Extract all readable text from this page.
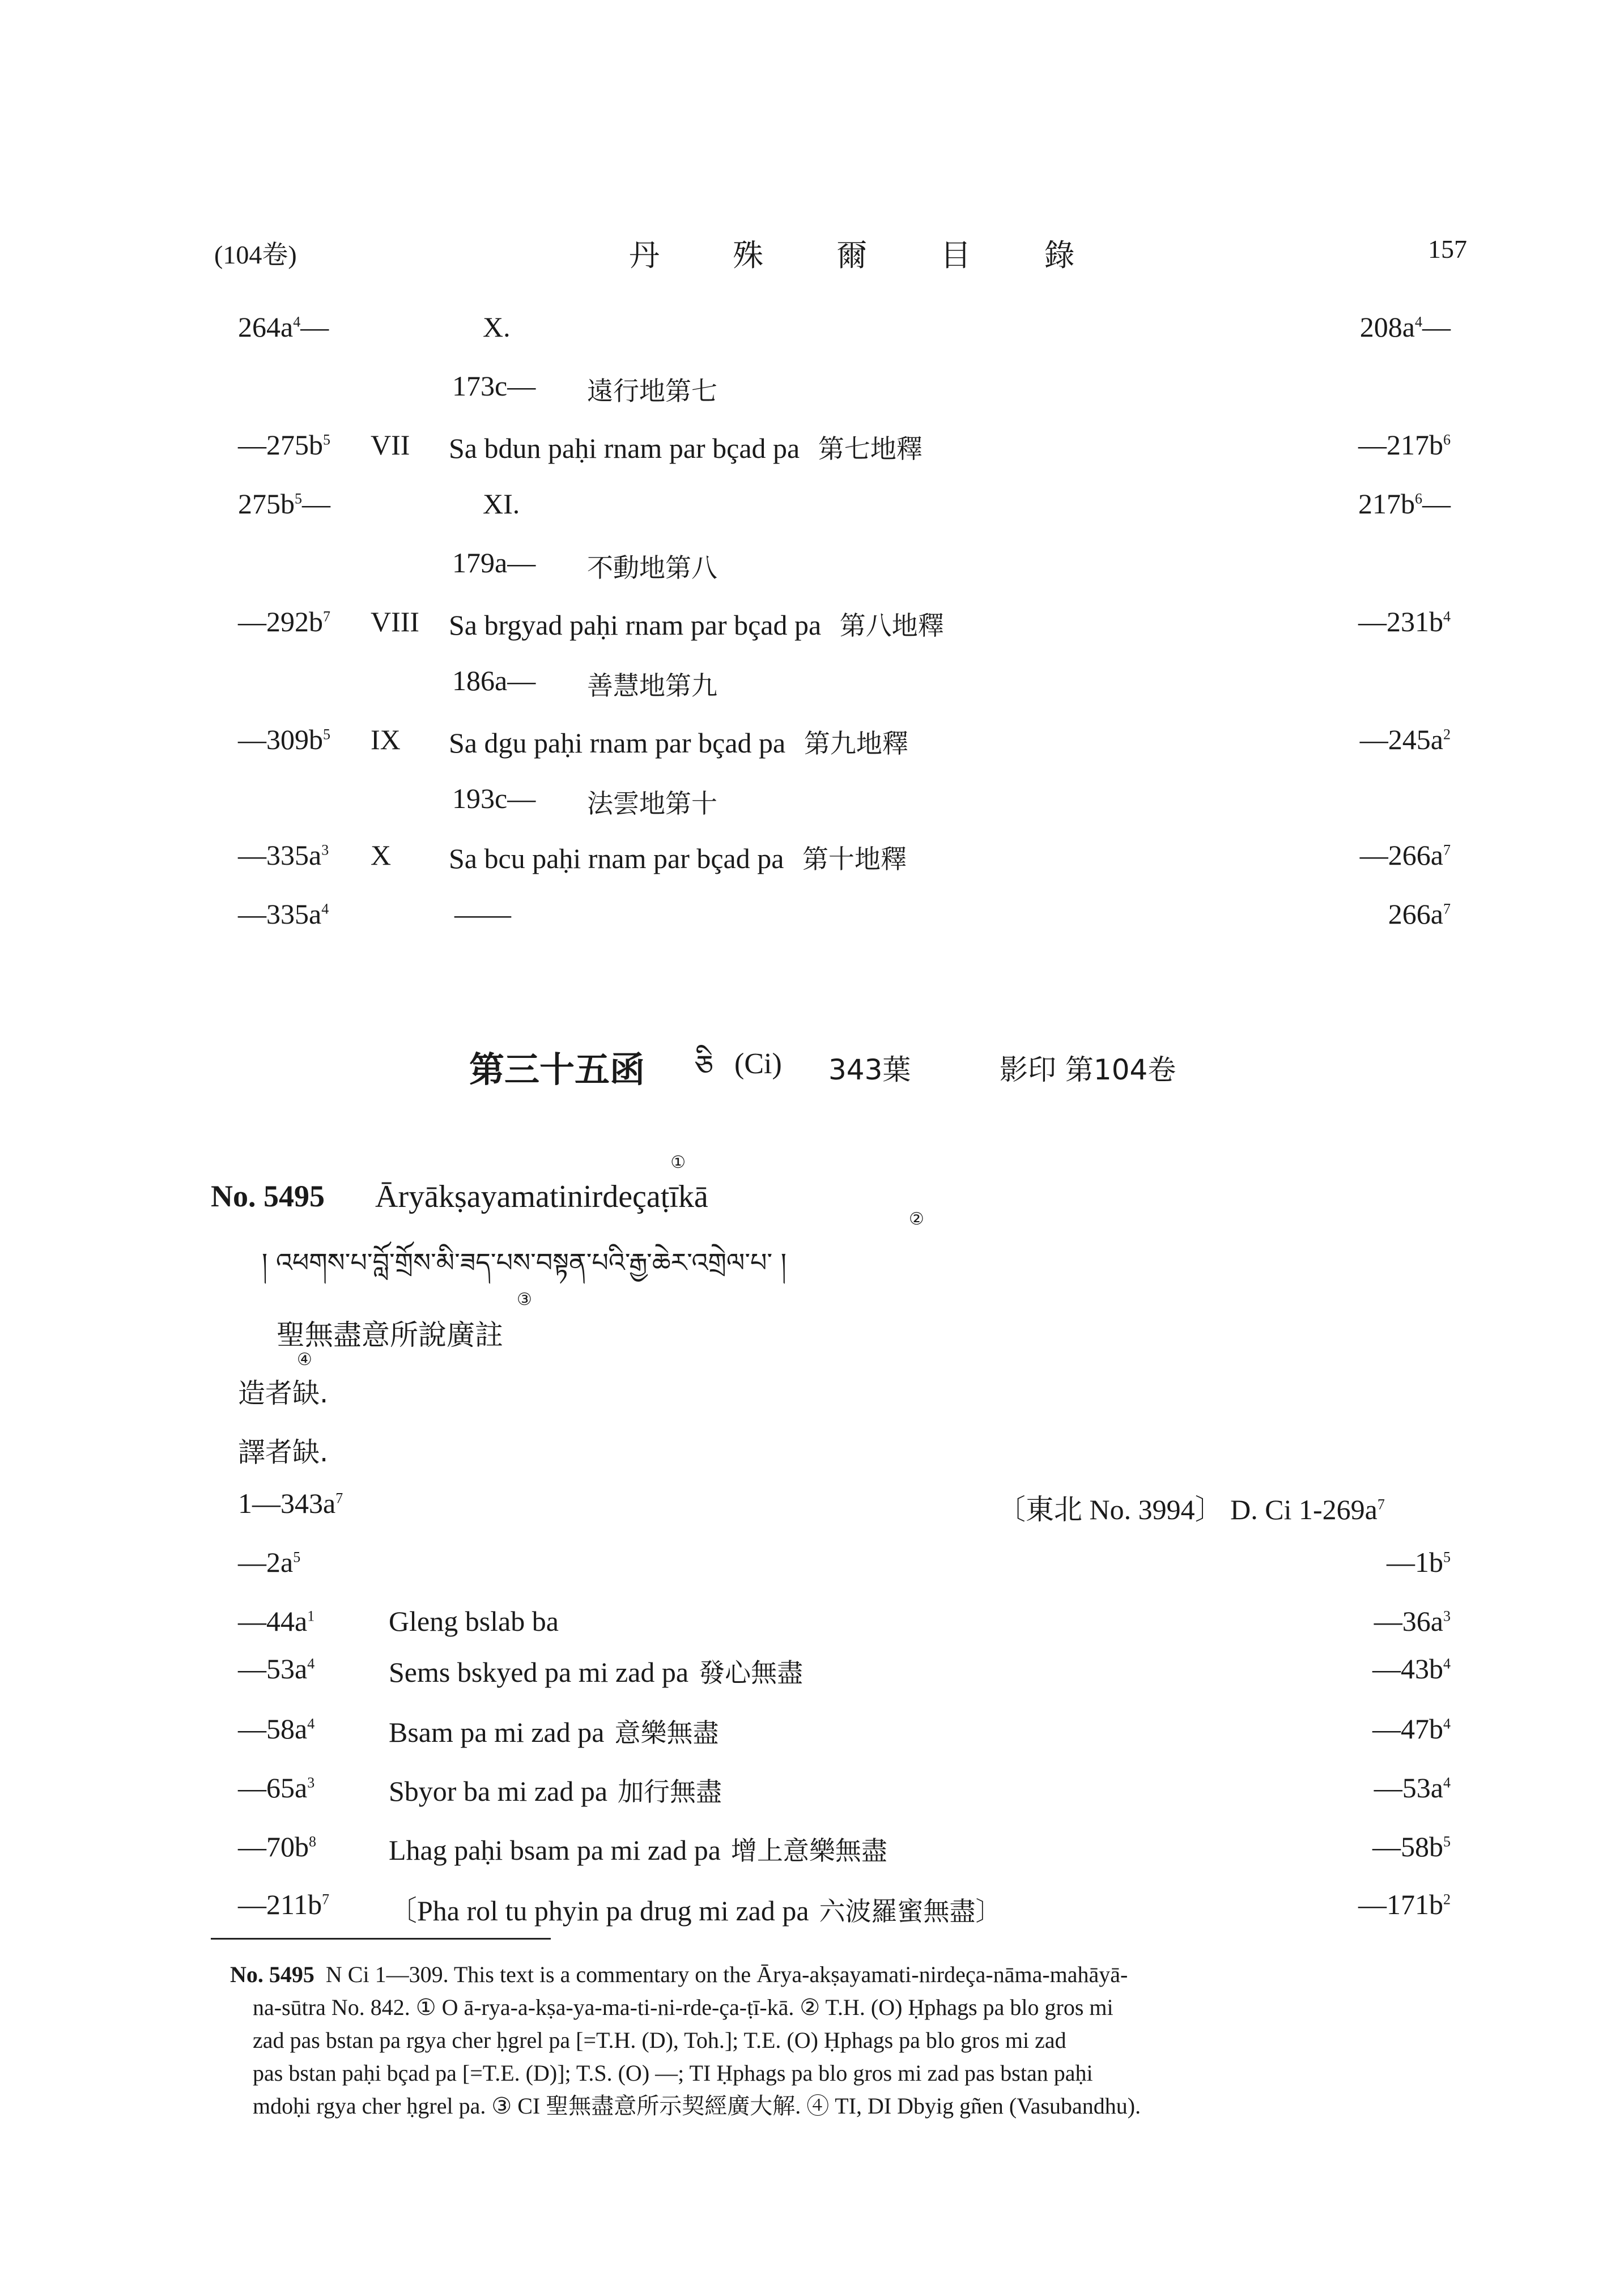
(104卷)	丹 殊 爾 目 錄	157
$264a^4—$	X.	$208a^4—$
173c— 遠行地第七
$—275b^5$ VII Sa bdun paḥi rnam par bçad pa 第七地釋	$—217b^6$
$275b^5—$	XI.	$217b^6—$
179a— 不動地第八
$—292b^7$ VIII Sa brgyad paḥi rnam par bçad pa 第八地釋	$—231b^4$
186a— 善慧地第九
$—309b^5$ IX Sa dgu paḥi rnam par bçad pa 第九地釋	$—245a^2$
193c— 法雲地第十
$—335a^3$ X Sa bcu paḥi rnam par bçad pa 第十地釋	$—266a^7$
$—335a^4$	——	$266a^7$
第三十五函 ཅི (Ci) 343葉	影印 第104卷
No. 5495 Āryākṣayamatinirdeçaṭīkā
①

། འཕགས་པ་བློ་གྲོས་མི་ཟད་པས་བསྟན་པའི་རྒྱ་ཆེར་འགྲེལ་པ་ །
②
聖無盡意所說廣註
③
造者缺.
④
譯者缺.
$1—343a^7$	〔東北 No. 3994〕 D. Ci $1-269a^7$
$—2a^5$	$—1b^5$
$—44a^1$	Gleng bslab ba	$—36a^3$
$—53a^4$	Sems bskyed pa mi zad pa 發心無盡	$—43b^4$
$—58a^4$	Bsam pa mi zad pa 意樂無盡	$—47b^4$
$—65a^3$	Sbyor ba mi zad pa 加行無盡	$—53a^4$
$—70b^8$	Lhag paḥi bsam pa mi zad pa 增上意樂無盡	$—58b^5$
$—211b^7$ 〔Pha rol tu phyin pa drug mi zad pa 六波羅蜜無盡〕	$—171b^2$
No. 5495 N Ci 1—309. This text is a commentary on the Ārya-akṣayamati-nirdeça-nāma-mahāyā-
na-sūtra No. 842. ① O ā-rya-a-kṣa-ya-ma-ti-ni-rde-ça-ṭī-kā. ② T.H. (O) Ḥphags pa blo gros mi
zad pas bstan pa rgya cher ḥgrel pa [=T.H. (D), Toh.]; T.E. (O) Ḥphags pa blo gros mi zad
pas bstan paḥi bçad pa [=T.E. (D)]; T.S. (O) —; TI Ḥphags pa blo gros mi zad pas bstan paḥi
mdoḥi rgya cher ḥgrel pa. ③ CI 聖無盡意所示契經廣大解. ④ TI, DI Dbyig gñen (Vasubandhu).
